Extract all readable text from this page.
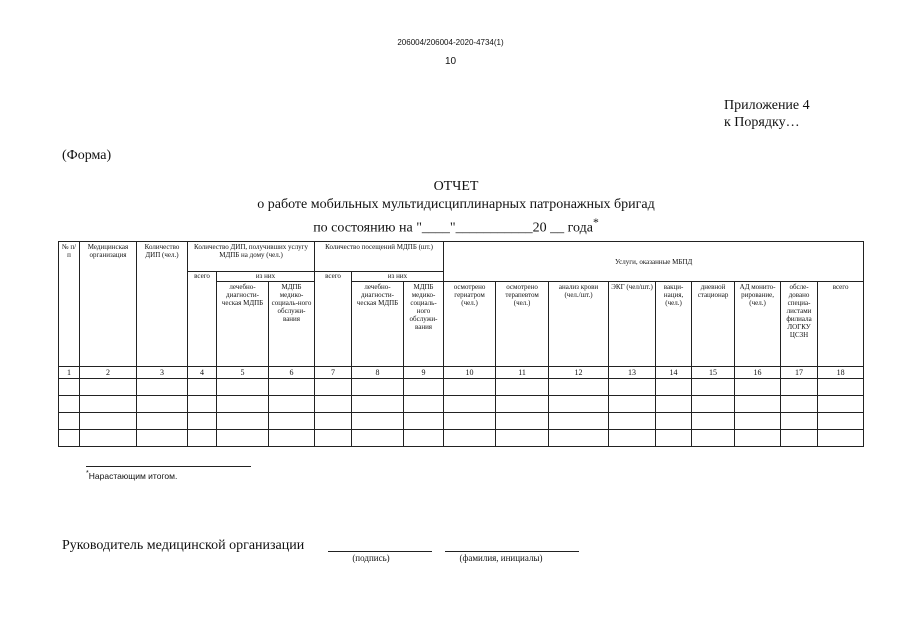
206004/206004-2020-4734(1)
10
Приложение 4
к Порядку…
(Форма)
ОТЧЕТ
о работе мобильных мультидисциплинарных патронажных бригад
по состоянию на "____"___________20 __ года*
№ п/п	Медицинская организация	Количество ДИП (чел.)	Количество ДИП, получивших услугу МДПБ на дому (чел.)			Количество посещений МДПБ (шт.)			Услуги, оказанные МБПД								
			всего	из них		всего	из них										
				лечебно-диагности-ческая МДПБ	МДПБ медико-социаль-ного обслужи-вания		лечебно-диагности-ческая МДПБ	МДПБ медико-социаль-ного обслужи-вания	осмотрено гериатром (чел.)	осмотрено терапевтом (чел.)	анализ крови (чел./шт.)	ЭКГ (чел/шт.)	вакци-нация, (чел.)	дневной стационар	АД монито-рирование, (чел.)	обсле-довано специа-листами филиала ЛОГКУ ЦСЗН	всего
1	2	3	4	5	6	7	8	9	10	11	12	13	14	15	16	17	18

*Нарастающим итогом.
Руководитель медицинской организации
(подпись)	(фамилия, инициалы)
